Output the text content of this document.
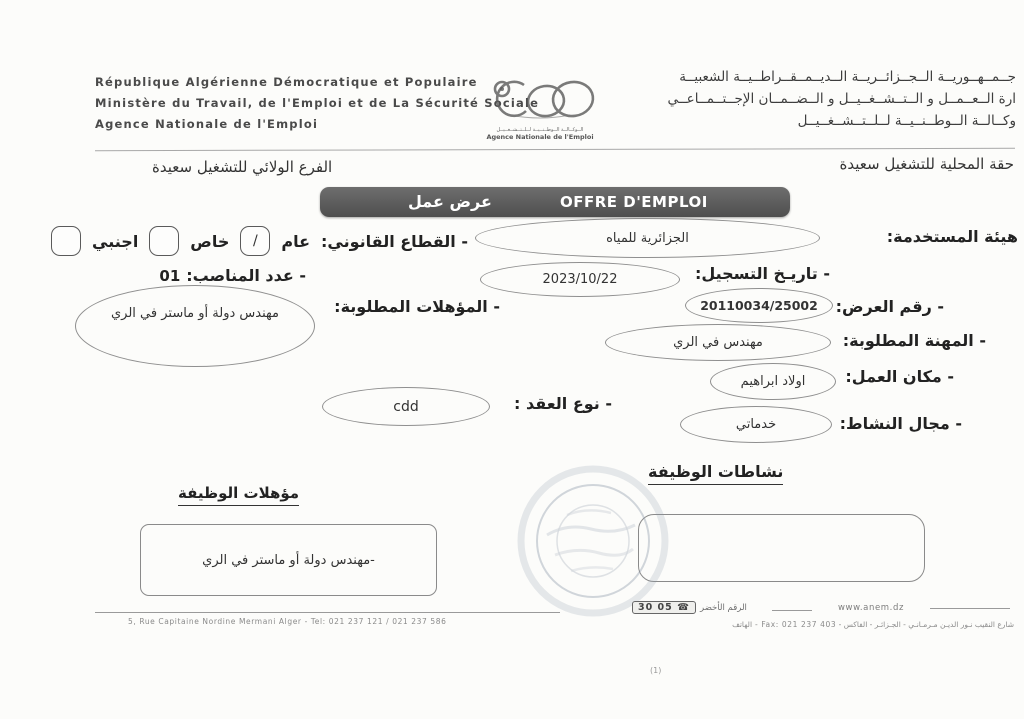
République Algérienne Démocratique et Populaire
Ministère du Travail, de l'Emploi et de La Sécurité Sociale
Agence Nationale de l'Emploi	الــوكــالــة الــوطــنــيــة لــلــتــشــغــيــل
Agence Nationale de l'Emploi
جــمــهــوريــة الــجــزائــريــة الــديــمــقــراطــيــة الشعبيــة
ارة الــعــمــل و الــتــشــغــيــل و الــضــمــان الإجــتــمــاعــي
وكــالــة الــوطــنــيــة لــلــتــشــغــيــل
حقة المحلية للتشغيل سعيدة
الفرع الولائي للتشغيل سعيدة
عرض عمل	OFFRE D'EMPLOI
هيئة المستخدمة:
الجزائرية للمياه
- تاريـخ التسجيل:
2023/10/22
- رقم العرض:
20110034/25002
- المهنة المطلوبة:
مهندس في الري
- مكان العمل:
اولاد ابراهيم
- مجال النشاط:
خدماتي
- القطاع القانوني:
عام
/
خاص
اجنبي
- عدد المناصب:
01
- المؤهلات المطلوبة:
مهندس دولة أو ماستر في الري
- نوع العقد :
cdd
نشاطات الوظيفة
مؤهلات الوظيفة
-مهندس دولة أو ماستر في الري
5, Rue Capitaine Nordine Mermani Alger - Tel: 021 237 121 / 021 237 586
www.anem.dz
الرقم الأخضر
30 05 ☎
شارع النقيب نـور الديـن مـرمـانـي - الجـزائـر - الفاكس - Fax: 021 237 403 - الهاتف
(1)
